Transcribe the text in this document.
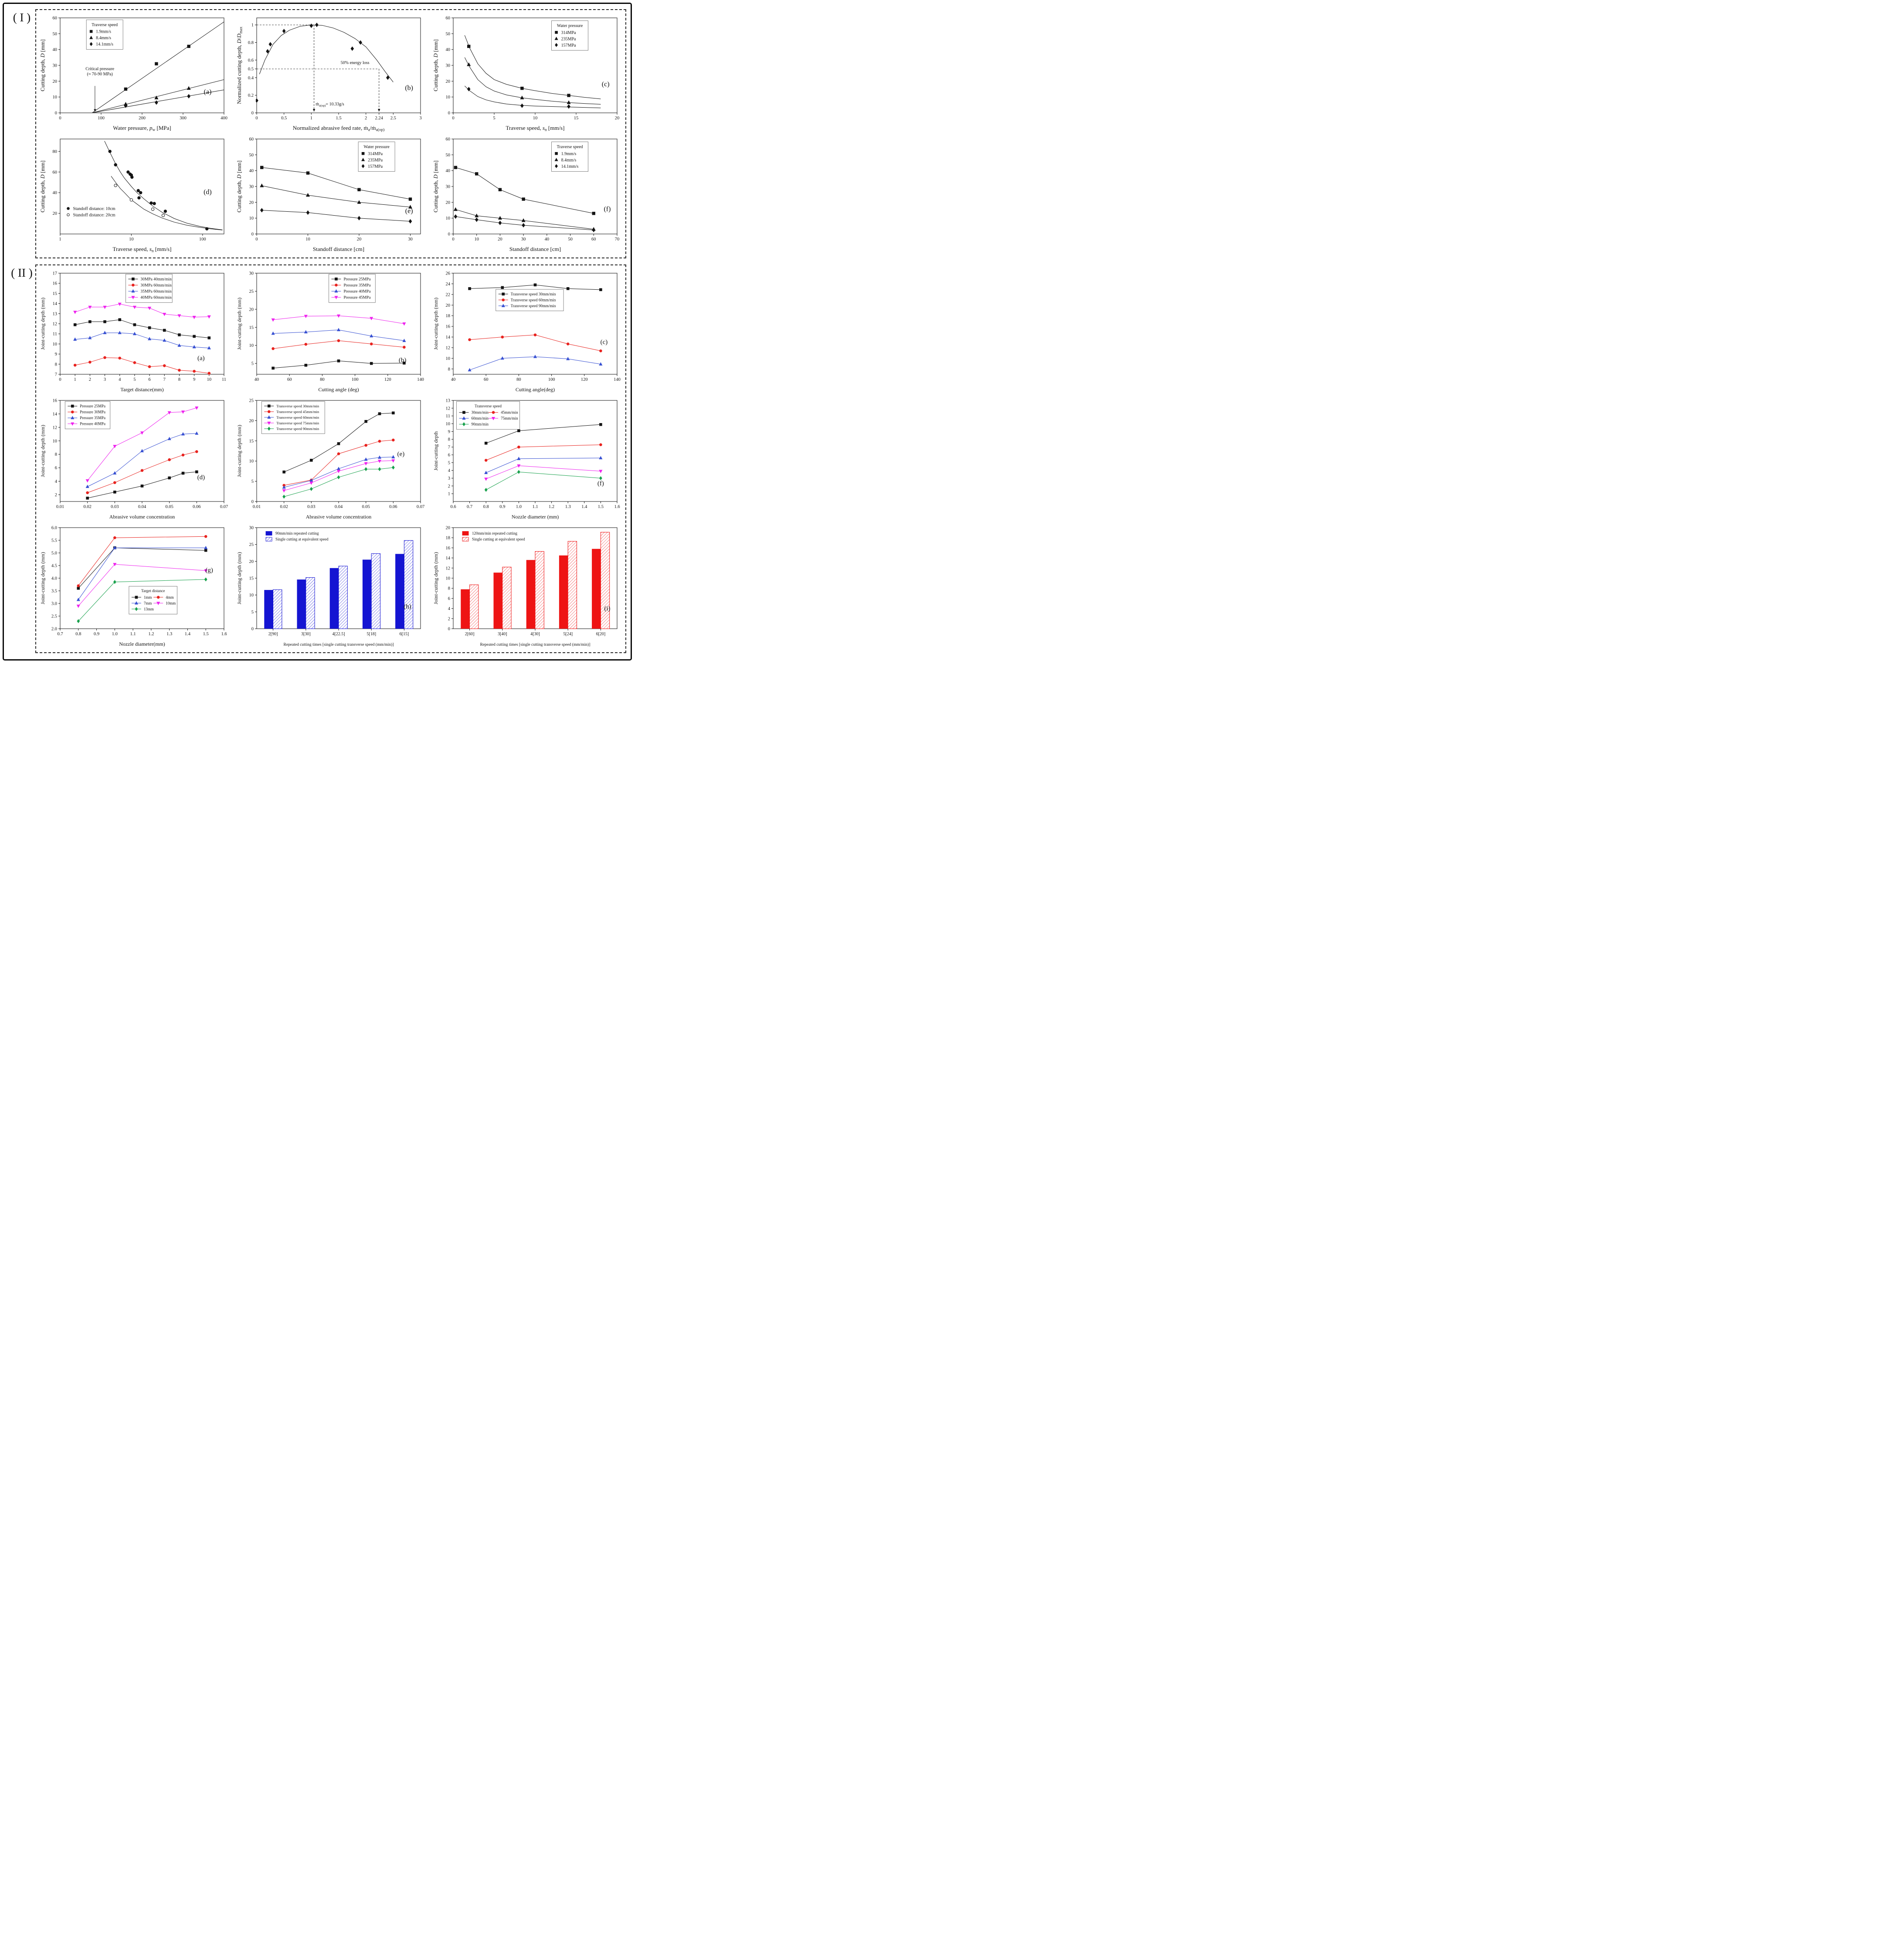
( I )
0	100	200	300	400
0
10
20
30
40
50
60
Water pressure, pw [MPa]
Cutting depth, D [mm]
Critical pressure (≈ 70-90 MPa)
Traverse speed
1.9mm/s
8.4mm/s
14.1mm/s
(a)
0	0.5	1	1.5	2 2.24 2.5	3
0
0.2
0.4
0.5
0.6
0.8
1
Normalized abrasive feed rate, ṁa/ṁa(op)
Normalized cutting depth, D/Dmax
50% energy loss
ṁ$_{a(op)}$= 10.33g/s
(b)
0	5	10	15	20
0
10
20
30
40
50
60
Traverse speed, sn [mm/s]
Cutting depth, D [mm]
Water pressure
314MPa
235MPa
157MPa
(c)
1	10	100
20
40
60
80
Traverse speed, sn [mm/s]
Cutting depth, D [mm]
Standoff distance: 10cm
Standoff distance: 20cm
(d)
0	10	20	30
0
10
20
30
40
50
60
Standoff distance [cm]
Cutting depth, D [mm]
Water pressure
314MPa
235MPa
157MPa
(e)
0	10	20	30	40	50	60	70
0
10
20
30
40
50
60
Standoff distance [cm]
Cutting depth, D [mm]
Traverse speed
1.9mm/s
8.4mm/s
14.1mm/s
(f)
( II )
0	1	2	3	4	5	6	7	8	9	10 11
7
8
9
10
11
12
13
14
15
16
17
Target distance(mm)
Joint-cutting depth (mm)
30MPa 40mm/min
30MPa 60mm/min
35MPa 60mm/min
40MPa 60mm/min
(a)
40	60	80	100	120	140
5
10
15
20
25
30
Cutting angle (deg)
Joint-cutting depth (mm)
Pressure 25MPa
Pressure 35MPa
Pressure 40MPa
Pressure 45MPa
(b)
40	60	80	100	120	140
8
10
12
14
16
18
20
22
24
26
Cutting angle(deg)
Joint-cutting depth (mm)
Transverse speed 30mm/min
Transverse speed 60mm/min
Transverse speed 90mm/min
(c)
0.01	0.02	0.03	0.04	0.05	0.06	0.07
2
4
6
8
10
12
14
16
Abrasive volume concentration
Joint-cutting depth (mm)
Pressure 25MPa
Pressure 30MPa
Pressure 35MPa
Pressure 40MPa
(d)
0.01	0.02	0.03	0.04	0.05	0.06	0.07
0
5
10
15
20
25
Abrasive volume concentration
Joint-cutting depth (mm)
Transverse speed 30mm/min
Transverse speed 45mm/min
Transverse speed 60mm/min
Transverse speed 75mm/min
Transverse speed 90mm/min
(e)
0.6 0.7 0.8 0.9 1.0 1.1 1.2 1.3 1.4 1.5 1.6
1
2
3
4
5
6
7
8
9
10
11
12
13
Nozzle diameter (mm)
Joint-cutting depth
Transverse speed
30mm/min	45mm/min
60mm/min	75mm/min
90mm/min
(f)
0.7	0.8	0.9	1.0	1.1	1.2	1.3	1.4	1.5	1.6
2.0
2.5
3.0
3.5
4.0
4.5
5.0
5.5
6.0
Nozzle diameter(mm)
Joint-cutting depth (mm)	Target distance
1mm	4mm
7mm	10mm
13mm
(g)
0
5
10
15
20
25
30
Repeated cutting times [single cutting transverse speed (mm/min)]
Joint-cutting depth (mm)
2[90]	3[30]	4[22.5]	5[18]	6[15]
90mm/min repeated cutting
Single cutting at equivalent speed
(h)
0
2
4
6
8
10
12
14
16
18
20
Repeated cutting times [single cutting transverse speed (mm/min)]
Joint-cutting depth (mm)
2[60]	3[40]	4[30]	5[24]	6[20]
120mm/min repeated cutting
Single cutting at equivalent speed
(i)
